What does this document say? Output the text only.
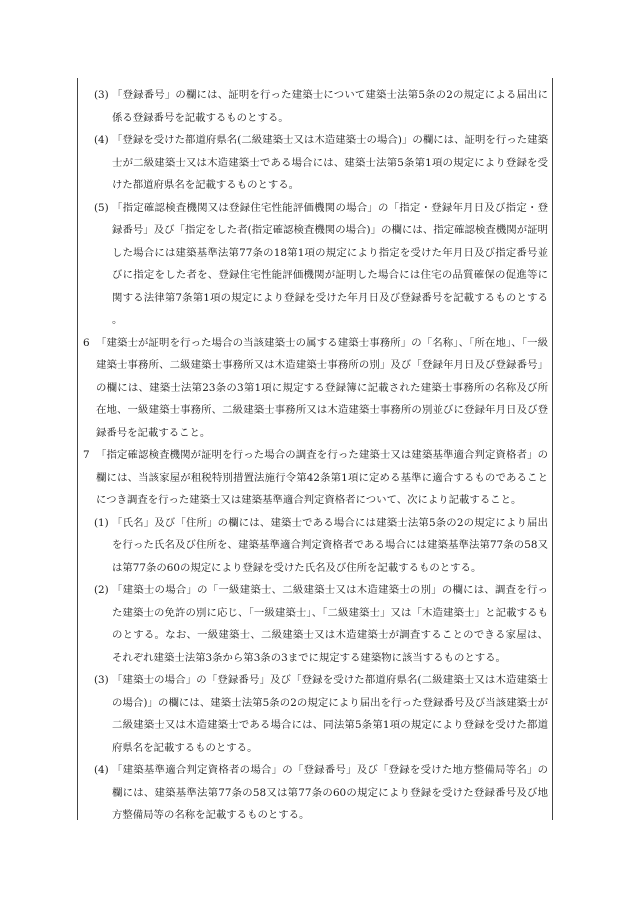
(3) 「登録番号」の欄には、証明を行った建築士について建築士法第5条の2の規定による届出に係る登録番号を記載するものとする。
(4) 「登録を受けた都道府県名(二級建築士又は木造建築士の場合)」の欄には、証明を行った建築士が二級建築士又は木造建築士である場合には、建築士法第5条第1項の規定により登録を受けた都道府県名を記載するものとする。
(5) 「指定確認検査機関又は登録住宅性能評価機関の場合」の「指定・登録年月日及び指定・登録番号」及び「指定をした者(指定確認検査機関の場合)」の欄には、指定確認検査機関が証明した場合には建築基準法第77条の18第1項の規定により指定を受けた年月日及び指定番号並びに指定をした者を、登録住宅性能評価機関が証明した場合には住宅の品質確保の促進等に関する法律第7条第1項の規定により登録を受けた年月日及び登録番号を記載するものとする。
6 「建築士が証明を行った場合の当該建築士の属する建築士事務所」の「名称」、「所在地」、「一級建築士事務所、二級建築士事務所又は木造建築士事務所の別」及び「登録年月日及び登録番号」の欄には、建築士法第23条の3第1項に規定する登録簿に記載された建築士事務所の名称及び所在地、一級建築士事務所、二級建築士事務所又は木造建築士事務所の別並びに登録年月日及び登録番号を記載すること。
7 「指定確認検査機関が証明を行った場合の調査を行った建築士又は建築基準適合判定資格者」の欄には、当該家屋が租税特別措置法施行令第42条第1項に定める基準に適合するものであることにつき調査を行った建築士又は建築基準適合判定資格者について、次により記載すること。
(1) 「氏名」及び「住所」の欄には、建築士である場合には建築士法第5条の2の規定により届出を行った氏名及び住所を、建築基準適合判定資格者である場合には建築基準法第77条の58又は第77条の60の規定により登録を受けた氏名及び住所を記載するものとする。
(2) 「建築士の場合」の「一級建築士、二級建築士又は木造建築士の別」の欄には、調査を行った建築士の免許の別に応じ、「一級建築士」、「二級建築士」又は「木造建築士」と記載するものとする。なお、一級建築士、二級建築士又は木造建築士が調査することのできる家屋は、それぞれ建築士法第3条から第3条の3までに規定する建築物に該当するものとする。
(3) 「建築士の場合」の「登録番号」及び「登録を受けた都道府県名(二級建築士又は木造建築士の場合)」の欄には、建築士法第5条の2の規定により届出を行った登録番号及び当該建築士が二級建築士又は木造建築士である場合には、同法第5条第1項の規定により登録を受けた都道府県名を記載するものとする。
(4) 「建築基準適合判定資格者の場合」の「登録番号」及び「登録を受けた地方整備局等名」の欄には、建築基準法第77条の58又は第77条の60の規定により登録を受けた登録番号及び地方整備局等の名称を記載するものとする。
